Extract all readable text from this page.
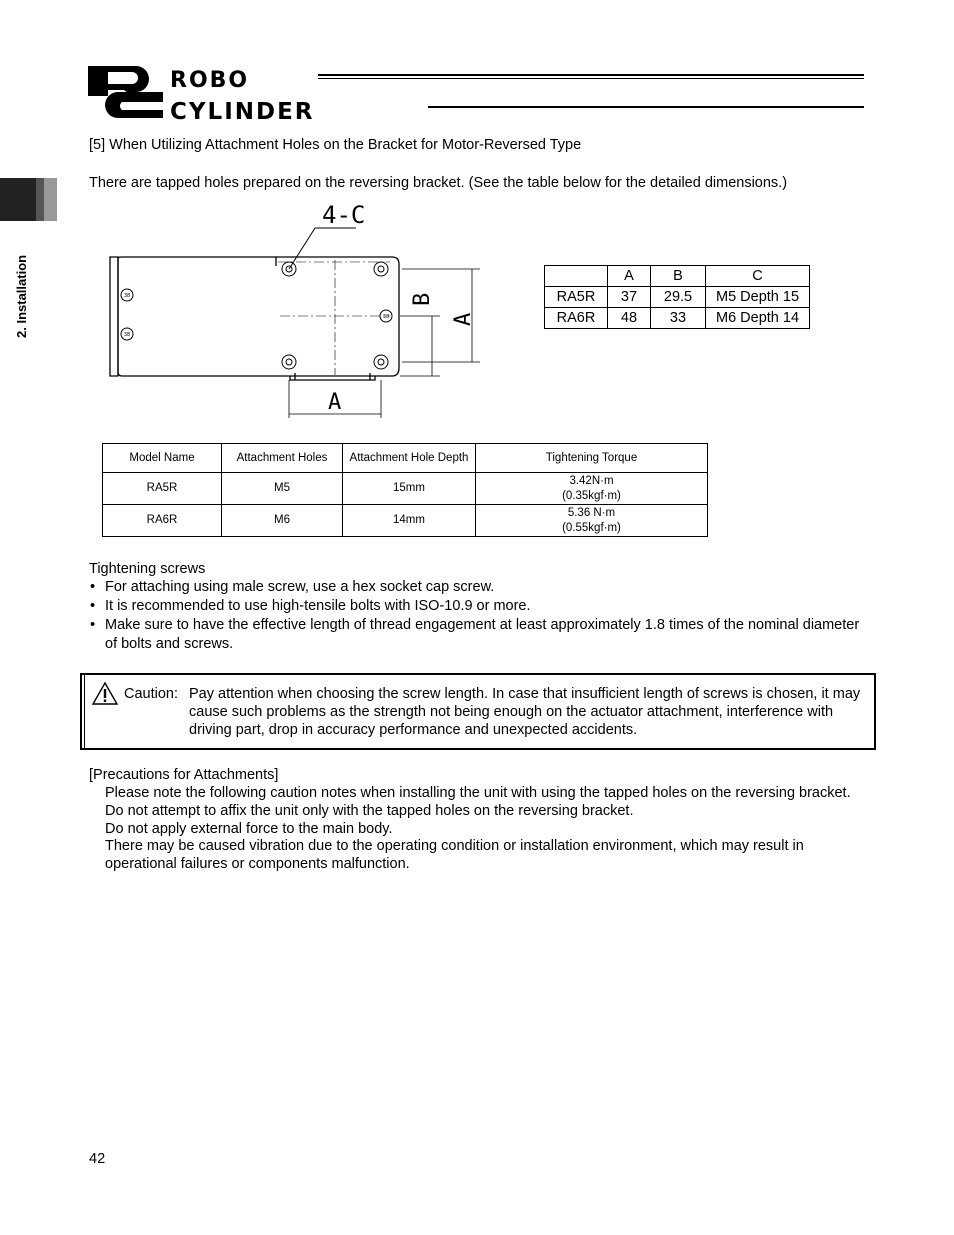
ROBO
CYLINDER
2. Installation
[5] When Utilizing Attachment Holes on the Bracket for Motor-Reversed Type
There are tapped holes prepared on the reversing bracket. (See the table below for the detailed dimensions.)
38
38
38
4-C
B
A
A
	A	B	C
RA5R	37	29.5	M5 Depth 15
RA6R	48	33	M6 Depth 14
Model Name	Attachment Holes	Attachment Hole Depth	Tightening Torque
RA5R	M5	15mm	3.42N·m
(0.35kgf·m)

RA6R	M6	14mm	5.36 N·m
(0.55kgf·m)
Tightening screws
• For attaching using male screw, use a hex socket cap screw.
• It is recommended to use high-tensile bolts with ISO-10.9 or more.
• Make sure to have the effective length of thread engagement at least approximately 1.8 times of the nominal diameter of bolts and screws.
Caution: Pay attention when choosing the screw length. In case that insufficient length of screws is chosen, it may cause such problems as the strength not being enough on the actuator attachment, interference with driving part, drop in accuracy performance and unexpected accidents.
[Precautions for Attachments]
Please note the following caution notes when installing the unit with using the tapped holes on the reversing bracket.
Do not attempt to affix the unit only with the tapped holes on the reversing bracket.
Do not apply external force to the main body.
There may be caused vibration due to the operating condition or installation environment, which may result in operational failures or components malfunction.
42
